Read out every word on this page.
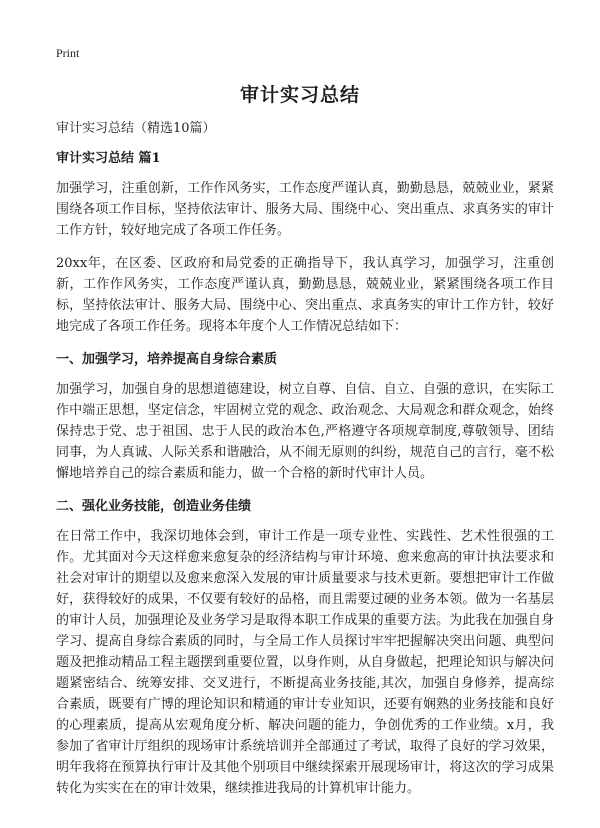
Print
审计实习总结

审计实习总结（精选10篇）

审计实习总结 篇1

加强学习，注重创新，工作作风务实，工作态度严谨认真，勤勤恳恳，兢兢业业，紧紧围绕各项工作目标，坚持依法审计、服务大局、围绕中心、突出重点、求真务实的审计工作方针，较好地完成了各项工作任务。

20xx年，在区委、区政府和局党委的正确指导下，我认真学习，加强学习，注重创新，工作作风务实，工作态度严谨认真，勤勤恳恳，兢兢业业，紧紧围绕各项工作目标，坚持依法审计、服务大局、围绕中心、突出重点、求真务实的审计工作方针，较好地完成了各项工作任务。现将本年度个人工作情况总结如下：

一、加强学习，培养提高自身综合素质

加强学习，加强自身的思想道德建设，树立自尊、自信、自立、自强的意识，在实际工作中端正思想，坚定信念，牢固树立党的观念、政治观念、大局观念和群众观念，始终保持忠于党、忠于祖国、忠于人民的政治本色,严格遵守各项规章制度,尊敬领导、团结同事，为人真诚、人际关系和谐融洽，从不闹无原则的纠纷，规范自己的言行，毫不松懈地培养自己的综合素质和能力，做一个合格的新时代审计人员。

二、强化业务技能，创造业务佳绩

在日常工作中，我深切地体会到，审计工作是一项专业性、实践性、艺术性很强的工作。尤其面对今天这样愈来愈复杂的经济结构与审计环境、愈来愈高的审计执法要求和社会对审计的期望以及愈来愈深入发展的审计质量要求与技术更新。要想把审计工作做好，获得较好的成果，不仅要有较好的品格，而且需要过硬的业务本领。做为一名基层的审计人员，加强理论及业务学习是取得本职工作成果的重要方法。为此我在加强自身学习、提高自身综合素质的同时，与全局工作人员探讨牢牢把握解决突出问题、典型问题及把推动精品工程主题摆到重要位置，以身作则，从自身做起，把理论知识与解决问题紧密结合、统筹安排、交叉进行，不断提高业务技能,其次，加强自身修养，提高综合素质，既要有广博的理论知识和精通的审计专业知识，还要有娴熟的业务技能和良好的心理素质，提高从宏观角度分析、解决问题的能力，争创优秀的工作业绩。x月，我参加了省审计厅组织的现场审计系统培训并全部通过了考试，取得了良好的学习效果，明年我将在预算执行审计及其他个别项目中继续探索开展现场审计，将这次的学习成果转化为实实在在的审计效果，继续推进我局的计算机审计能力。
